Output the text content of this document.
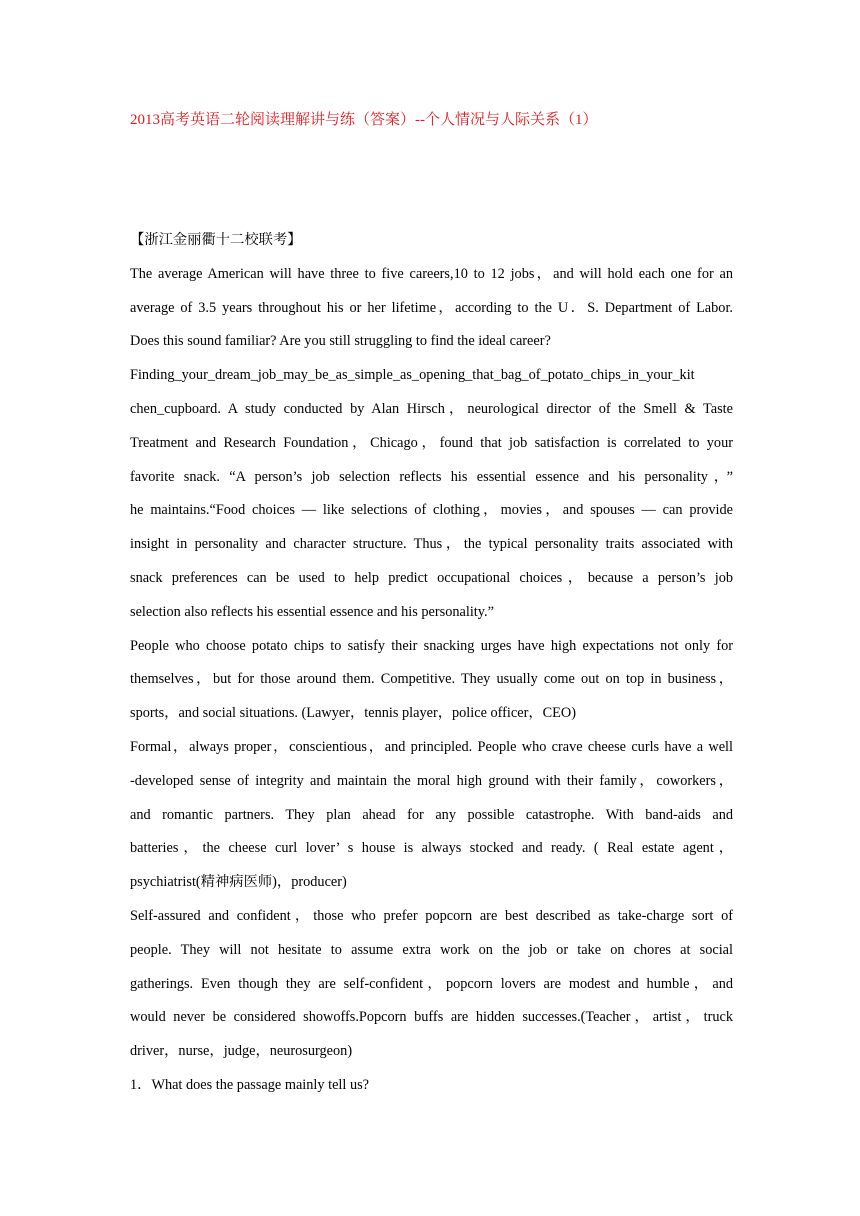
2013高考英语二轮阅读理解讲与练（答案）--个人情况与人际关系（1）
【浙江金丽衢十二校联考】
The average American will have three to five careers,10 to 12 jobs，and will hold each one for an
average of 3.5 years throughout his or her lifetime，according to the U．S. Department of Labor.
Does this sound familiar? Are you still struggling to find the ideal career?
Finding_your_dream_job_may_be_as_simple_as_opening_that_bag_of_potato_chips_in_your_kit
chen_cupboard. A study conducted by Alan Hirsch，neurological director of the Smell & Taste
Treatment and Research Foundation，Chicago，found that job satisfaction is correlated to your
favorite snack. “A person’s job selection reflects his essential essence and his personality，”
he maintains.“Food choices — like selections of clothing，movies，and spouses — can provide
insight in personality and character structure. Thus，the typical personality traits associated with
snack preferences can be used to help predict occupational choices，because a person’s job
selection also reflects his essential essence and his personality.”
People who choose potato chips to satisfy their snacking urges have high expectations not only for
themselves，but for those around them. Competitive. They usually come out on top in business，
sports，and social situations. (Lawyer，tennis player，police officer，CEO)
Formal，always proper，conscientious，and principled. People who crave cheese curls have a well
-developed sense of integrity and maintain the moral high ground with their family，coworkers，
and romantic partners. They plan ahead for any possible catastrophe. With band-aids and
batteries，the cheese curl lover’ s house is always stocked and ready. ( Real estate agent，
psychiatrist(精神病医师)，producer)
Self-assured and confident，those who prefer popcorn are best described as take-charge sort of
people. They will not hesitate to assume extra work on the job or take on chores at social
gatherings. Even though they are self-confident，popcorn lovers are modest and humble，and
would never be considered showoffs.Popcorn buffs are hidden successes.(Teacher，artist，truck
driver，nurse，judge，neurosurgeon)
1．What does the passage mainly tell us?
